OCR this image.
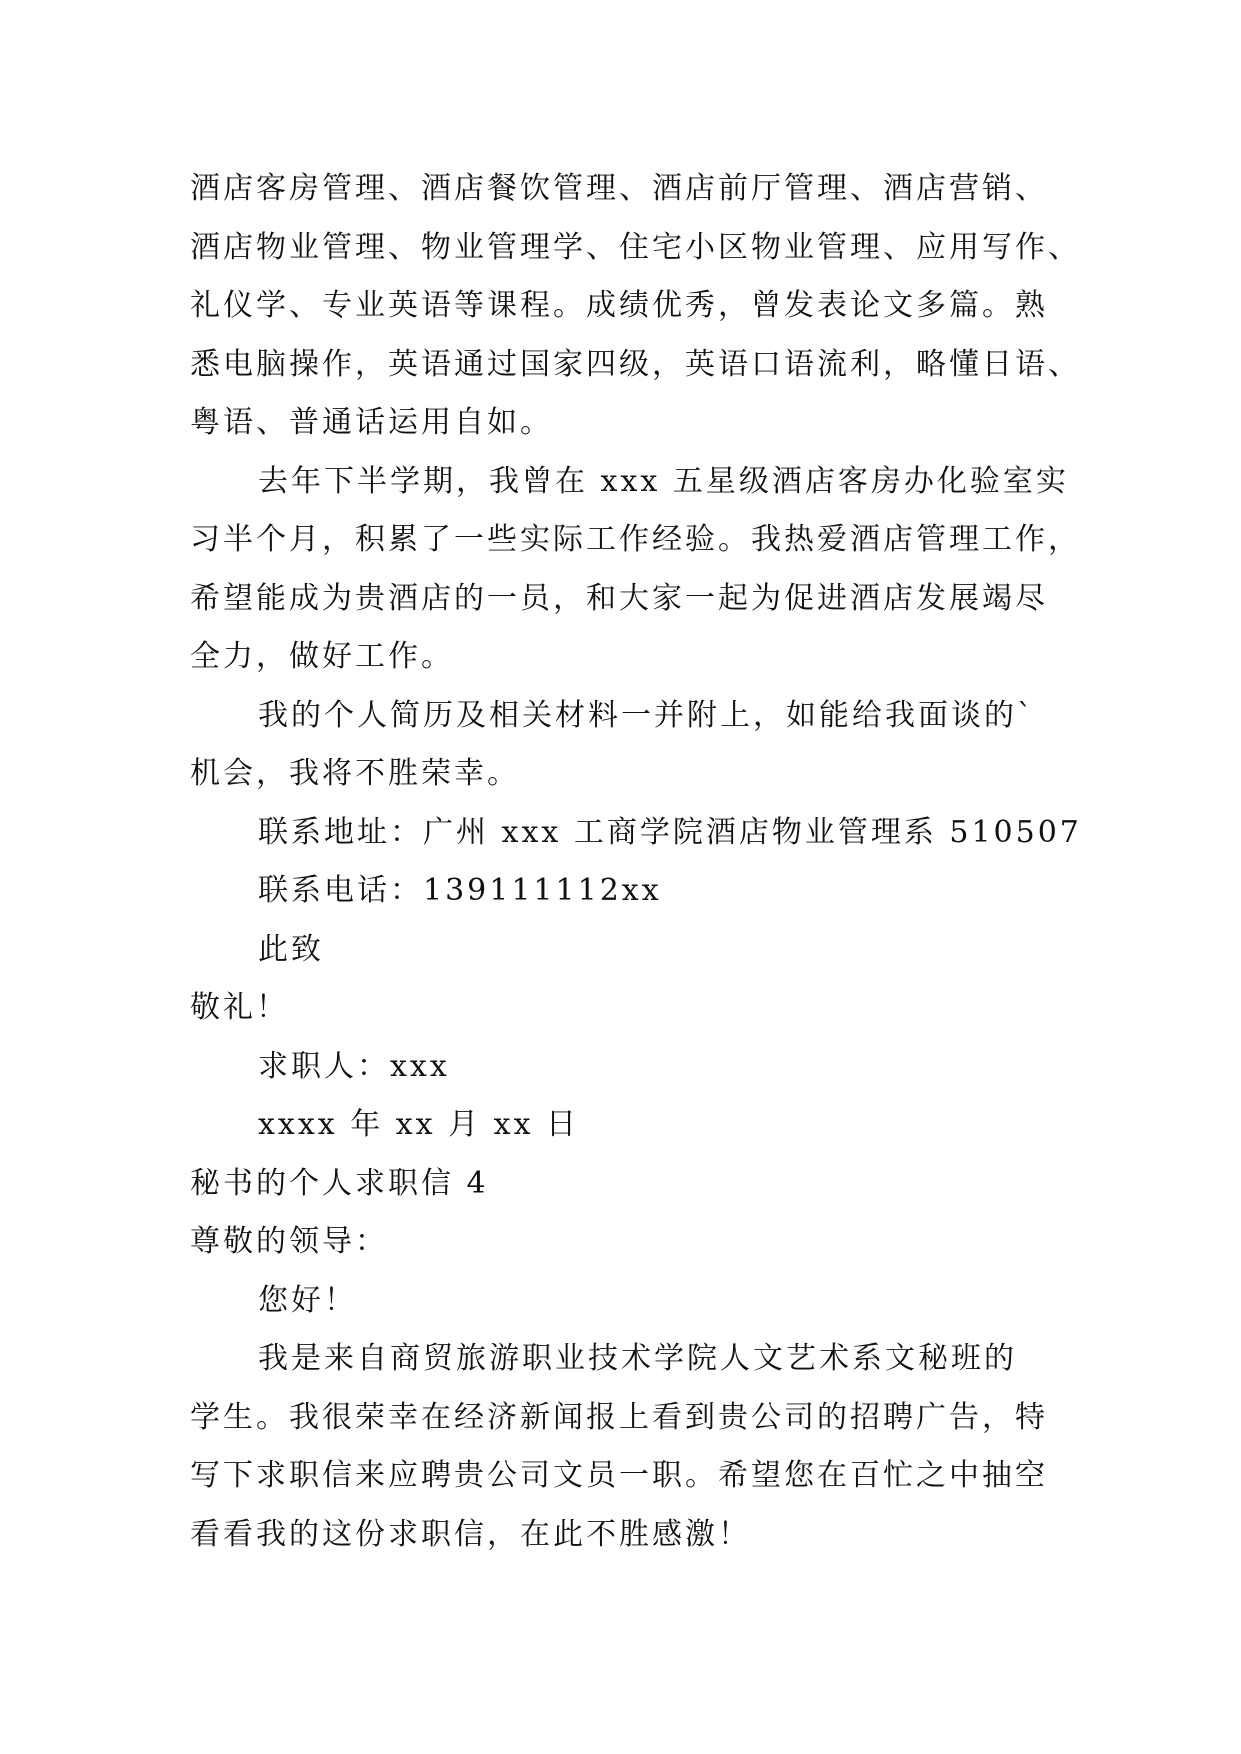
酒店客房管理、酒店餐饮管理、酒店前厅管理、酒店营销、

酒店物业管理、物业管理学、住宅小区物业管理、应用写作、

礼仪学、专业英语等课程。成绩优秀，曾发表论文多篇。熟

悉电脑操作，英语通过国家四级，英语口语流利，略懂日语、

粤语、普通话运用自如。

去年下半学期，我曾在 xxx 五星级酒店客房办化验室实

习半个月，积累了一些实际工作经验。我热爱酒店管理工作，

希望能成为贵酒店的一员，和大家一起为促进酒店发展竭尽

全力，做好工作。

我的个人简历及相关材料一并附上，如能给我面谈的`

机会，我将不胜荣幸。

联系地址：广州 xxx 工商学院酒店物业管理系 510507

联系电话：139111112xx

此致

敬礼！

求职人：xxx

xxxx 年 xx 月 xx 日

秘书的个人求职信 4

尊敬的领导：

您好！

我是来自商贸旅游职业技术学院人文艺术系文秘班的

学生。我很荣幸在经济新闻报上看到贵公司的招聘广告，特

写下求职信来应聘贵公司文员一职。希望您在百忙之中抽空

看看我的这份求职信，在此不胜感激！
